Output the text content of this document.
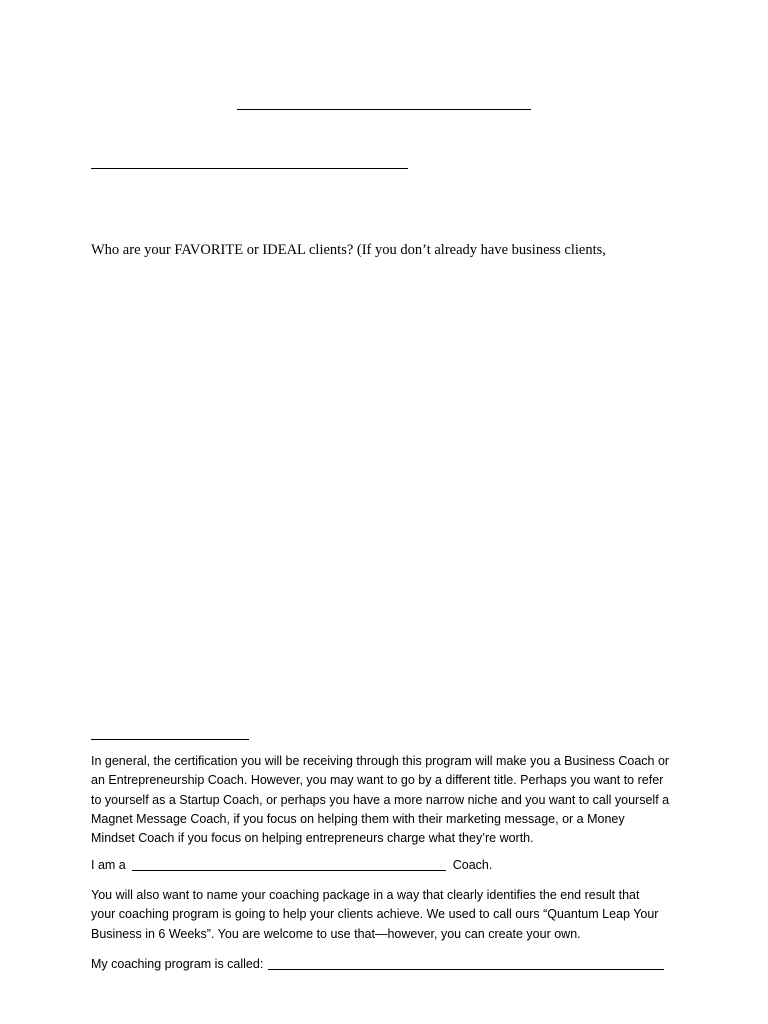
Who are your FAVORITE or IDEAL clients? (If you don’t already have business clients,

In general, the certification you will be receiving through this program will make you a Business Coach or
an Entrepreneurship Coach. However, you may want to go by a different title. Perhaps you want to refer
to yourself as a Startup Coach, or perhaps you have a more narrow niche and you want to call yourself a
Magnet Message Coach, if you focus on helping them with their marketing message, or a Money
Mindset Coach if you focus on helping entrepreneurs charge what they’re worth.
I am a	Coach.
You will also want to name your coaching package in a way that clearly identifies the end result that
your coaching program is going to help your clients achieve. We used to call ours “Quantum Leap Your
Business in 6 Weeks”. You are welcome to use that—however, you can create your own.
My coaching program is called:
